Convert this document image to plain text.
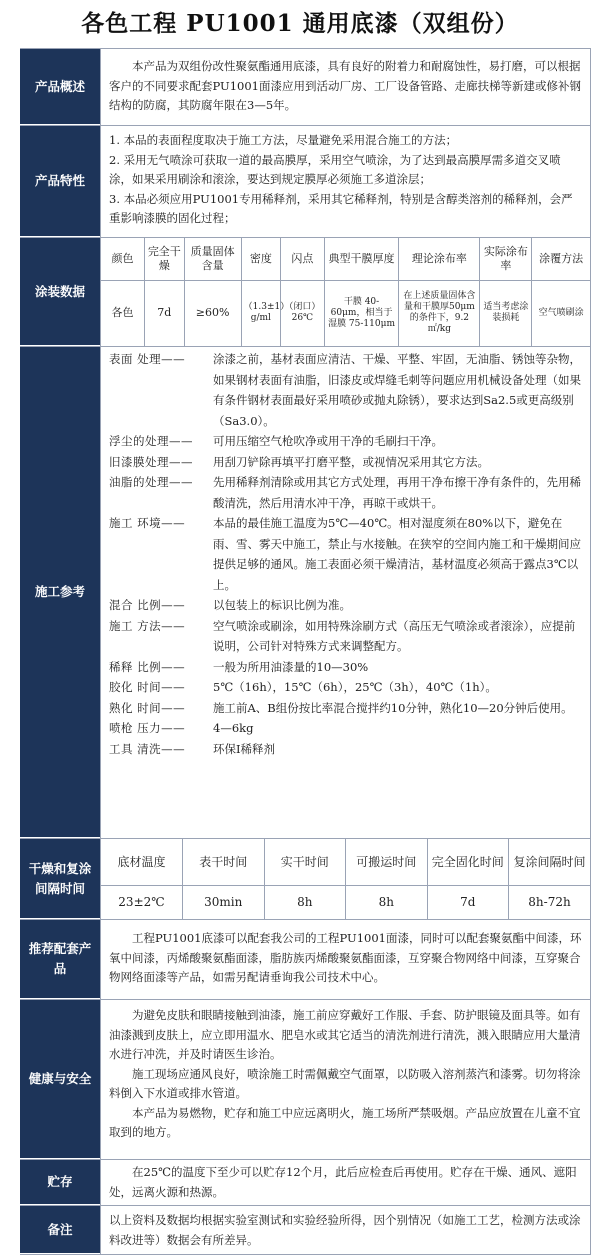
各色工程 PU1001 通用底漆（双组份）
产品概述
本产品为双组份改性聚氨酯通用底漆，具有良好的附着力和耐腐蚀性，易打磨，可以根据客户的不同要求配套PU1001面漆应用到活动厂房、工厂设备管路、走廊扶梯等新建或修补钢结构的防腐，其防腐年限在3—5年。
产品特性

1. 本品的表面程度取决于施工方法，尽量避免采用混合施工的方法；

2. 采用无气喷涂可获取一道的最高膜厚，采用空气喷涂，为了达到最高膜厚需多道交叉喷涂，如果采用刷涂和滚涂，要达到规定膜厚必须施工多道涂层；

3. 本品必须应用PU1001专用稀释剂，采用其它稀释剂，特别是含醇类溶剂的稀释剂，会严重影响漆膜的固化过程；

涂装数据
颜色	完全干燥	质量固体含量	密度	闪点	典型干膜厚度	理论涂布率	实际涂布率	涂覆方法
各色	7d	≥60%	（1.3±1）g/ml	（闭口）26℃	干膜 40-60μm，相当于湿膜 75-110μm	在上述质量固体含量和干膜厚50μm的条件下，9.2㎡/kg	适当考虑涂装损耗	空气喷刷涂
施工参考
表面 处理——	涂漆之前，基材表面应清洁、干燥、平整、牢固，无油脂、锈蚀等杂物，如果钢材表面有油脂，旧漆皮或焊缝毛刺等问题应用机械设备处理（如果有条件钢材表面最好采用喷砂或抛丸除锈），要求达到Sa2.5或更高级别（Sa3.0）。
浮尘的处理——	可用压缩空气枪吹净或用干净的毛刷扫干净。
旧漆膜处理——	用刮刀铲除再填平打磨平整，或视情况采用其它方法。
油脂的处理——	先用稀释剂清除或用其它方式处理，再用干净布擦干净有条件的，先用稀酸清洗，然后用清水冲干净，再晾干或烘干。
施工 环境——	本品的最佳施工温度为5℃—40℃。相对湿度须在80%以下，避免在雨、雪、雾天中施工，禁止与水接触。在狭窄的空间内施工和干燥期间应提供足够的通风。施工表面必须干燥清洁，基材温度必须高于露点3℃以上。
混合 比例——	以包装上的标识比例为准。
施工 方法——	空气喷涂或刷涂，如用特殊涂刷方式（高压无气喷涂或者滚涂），应提前说明，公司针对特殊方式来调整配方。
稀释 比例——	一般为所用油漆量的10—30%
胶化 时间——	5℃（16h），15℃（6h），25℃（3h），40℃（1h）。
熟化 时间——	施工前A、B组份按比率混合搅拌约10分钟，熟化10—20分钟后使用。
喷枪 压力——	4—6kg
工具 清洗——	环保Ⅰ稀释剂
干燥和复涂间隔时间
底材温度	表干时间	实干时间	可搬运时间	完全固化时间	复涂间隔时间
23±2℃	30min	8h	8h	7d	8h-72h
推荐配套产品
工程PU1001底漆可以配套我公司的工程PU1001面漆，同时可以配套聚氨酯中间漆，环氧中间漆，丙烯酸聚氨酯面漆，脂肪族丙烯酸聚氨酯面漆，互穿聚合物网络中间漆，互穿聚合物网络面漆等产品，如需另配请垂询我公司技术中心。
健康与安全

为避免皮肤和眼睛接触到油漆，施工前应穿戴好工作服、手套、防护眼镜及面具等。如有油漆溅到皮肤上，应立即用温水、肥皂水或其它适当的清洗剂进行清洗，溅入眼睛应用大量清水进行冲洗，并及时请医生诊治。

施工现场应通风良好，喷涂施工时需佩戴空气面罩，以防吸入溶剂蒸汽和漆雾。切勿将涂料倒入下水道或排水管道。

本产品为易燃物，贮存和施工中应远离明火，施工场所严禁吸烟。产品应放置在儿童不宜取到的地方。

贮存
在25℃的温度下至少可以贮存12个月，此后应检查后再使用。贮存在干燥、通风、遮阳处，远离火源和热源。
备注
以上资料及数据均根据实验室测试和实验经验所得，因个别情况（如施工工艺，检测方法或涂料改进等）数据会有所差异。
